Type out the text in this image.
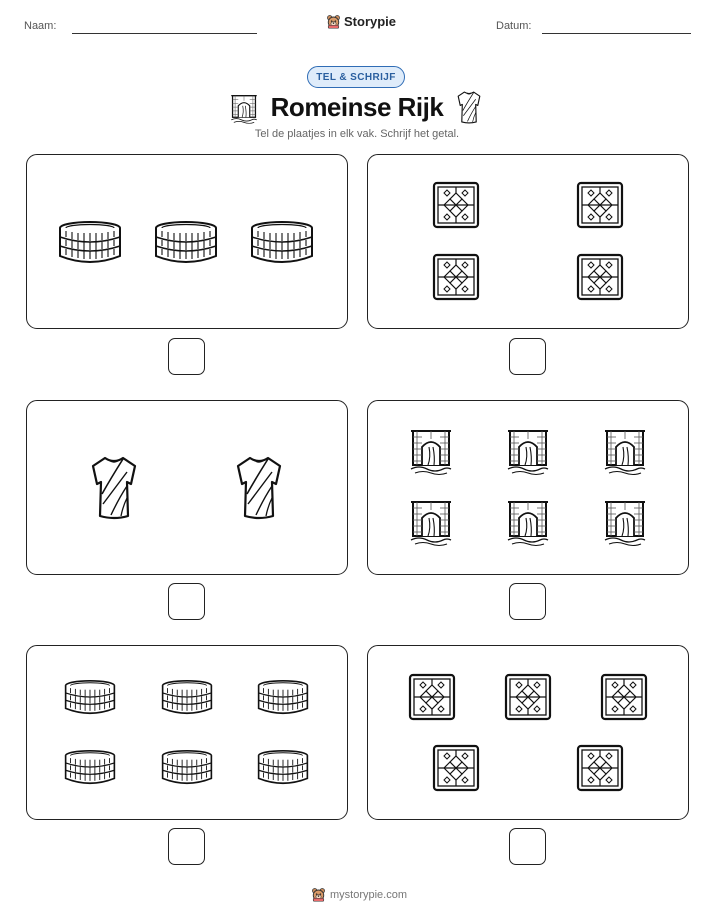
Naam:	Storypie	Datum:
TEL & SCHRIJF
Romeinse Rijk
Tel de plaatjes in elk vak. Schrijf het getal.
mystorypie.com
